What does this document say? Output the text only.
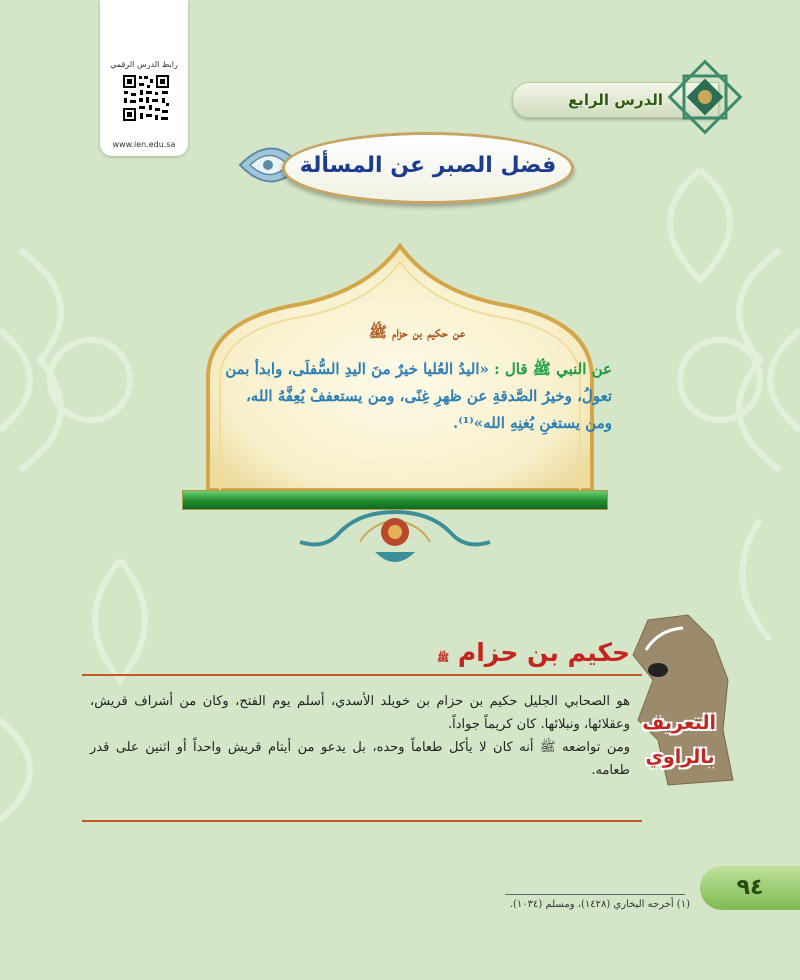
رابط الدرس الرقمي
www.ien.edu.sa
الدرس الرابع
فضل الصبر عن المسألة
عن حكيم بن حزام ﷺ
عن النبي ﷺ قال : «اليدُ العُليا خيرٌ منَ اليدِ السُّفلَى، وابدأ بمن تعولُ، وخيرُ الصَّدقةِ عن ظهرِ غِنًى، ومن يستعففْ يُعِفَّهُ الله، ومن يستغنِ يُغنِهِ الله»⁽¹⁾.
حكيم بن حزام ﷺ

هو الصحابي الجليل حكيم بن حزام بن خويلد الأسدي، أسلم يوم الفتح، وكان من أشراف قريش، وعقلائها، ونبلائها. كان كريماً جواداً.

ومن تواضعه ﷺ أنه كان لا يأكل طعاماً وحده، بل يدعو من أيتام قريش واحداً أو اثنين على قدر طعامه.

التعريف
بالراوي
٩٤
(١) أخرجه البخاري (١٤٢٨)، ومسلم (١٠٣٤).
